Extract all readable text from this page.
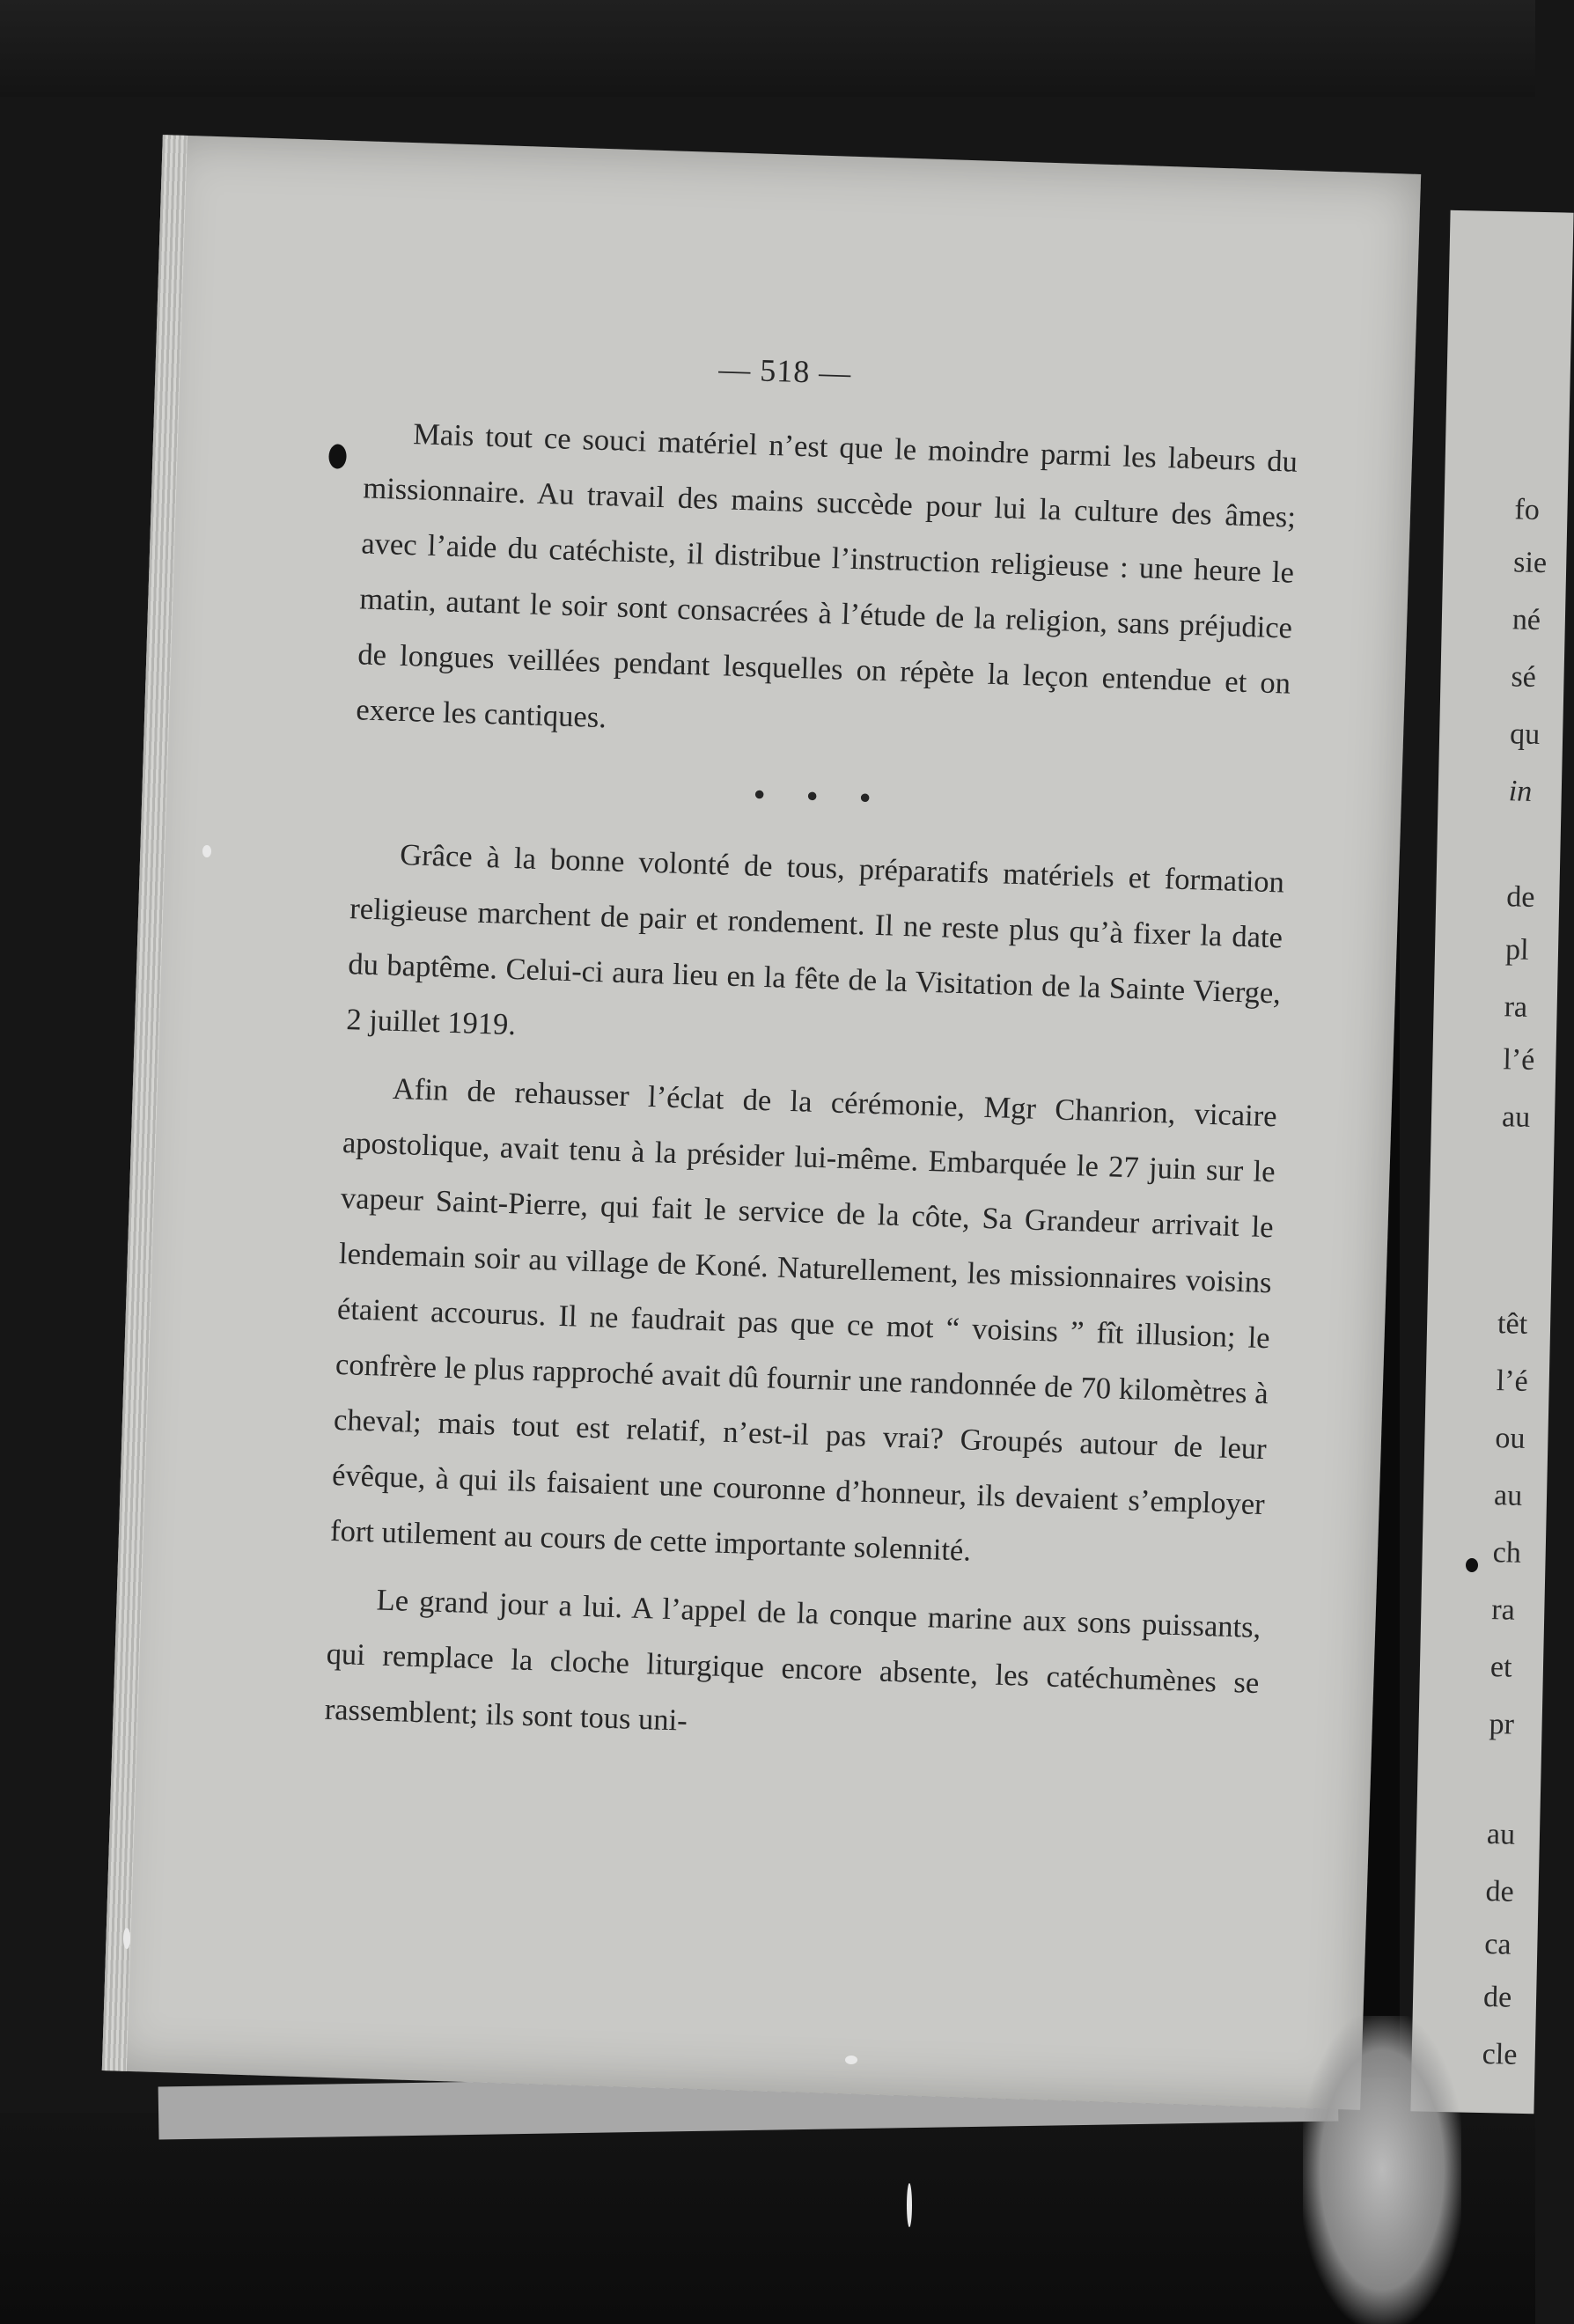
fo
sie
né
sé
qu
in
de
pl
ra
l’é
au
têt
l’é
ou
au
ch
ra
et
pr
au
de
ca
de
cle
— 518 —

Mais tout ce souci matériel n’est que le moindre parmi les labeurs du missionnaire. Au travail des mains succède pour lui la culture des âmes; avec l’aide du catéchiste, il distribue l’instruction religieuse : une heure le matin, autant le soir sont consacrées à l’étude de la religion, sans préjudice de longues veillées pendant lesquelles on répète la leçon entendue et on exerce les cantiques.

• • •

Grâce à la bonne volonté de tous, préparatifs matériels et formation religieuse marchent de pair et rondement. Il ne reste plus qu’à fixer la date du baptême. Celui-ci aura lieu en la fête de la Visitation de la Sainte Vierge, 2 juillet 1919.

Afin de rehausser l’éclat de la cérémonie, Mgr Chanrion, vicaire apostolique, avait tenu à la présider lui-même. Embarquée le 27 juin sur le vapeur Saint-Pierre, qui fait le service de la côte, Sa Grandeur arrivait le lendemain soir au village de Koné. Naturellement, les missionnaires voisins étaient accourus. Il ne faudrait pas que ce mot “ voisins ” fît illusion; le confrère le plus rapproché avait dû fournir une randonnée de 70 kilomètres à cheval; mais tout est relatif, n’est-il pas vrai? Groupés autour de leur évêque, à qui ils faisaient une couronne d’honneur, ils devaient s’employer fort utilement au cours de cette importante solennité.

Le grand jour a lui. A l’appel de la conque marine aux sons puissants, qui remplace la cloche liturgique encore absente, les catéchumènes se rassemblent; ils sont tous uni-
